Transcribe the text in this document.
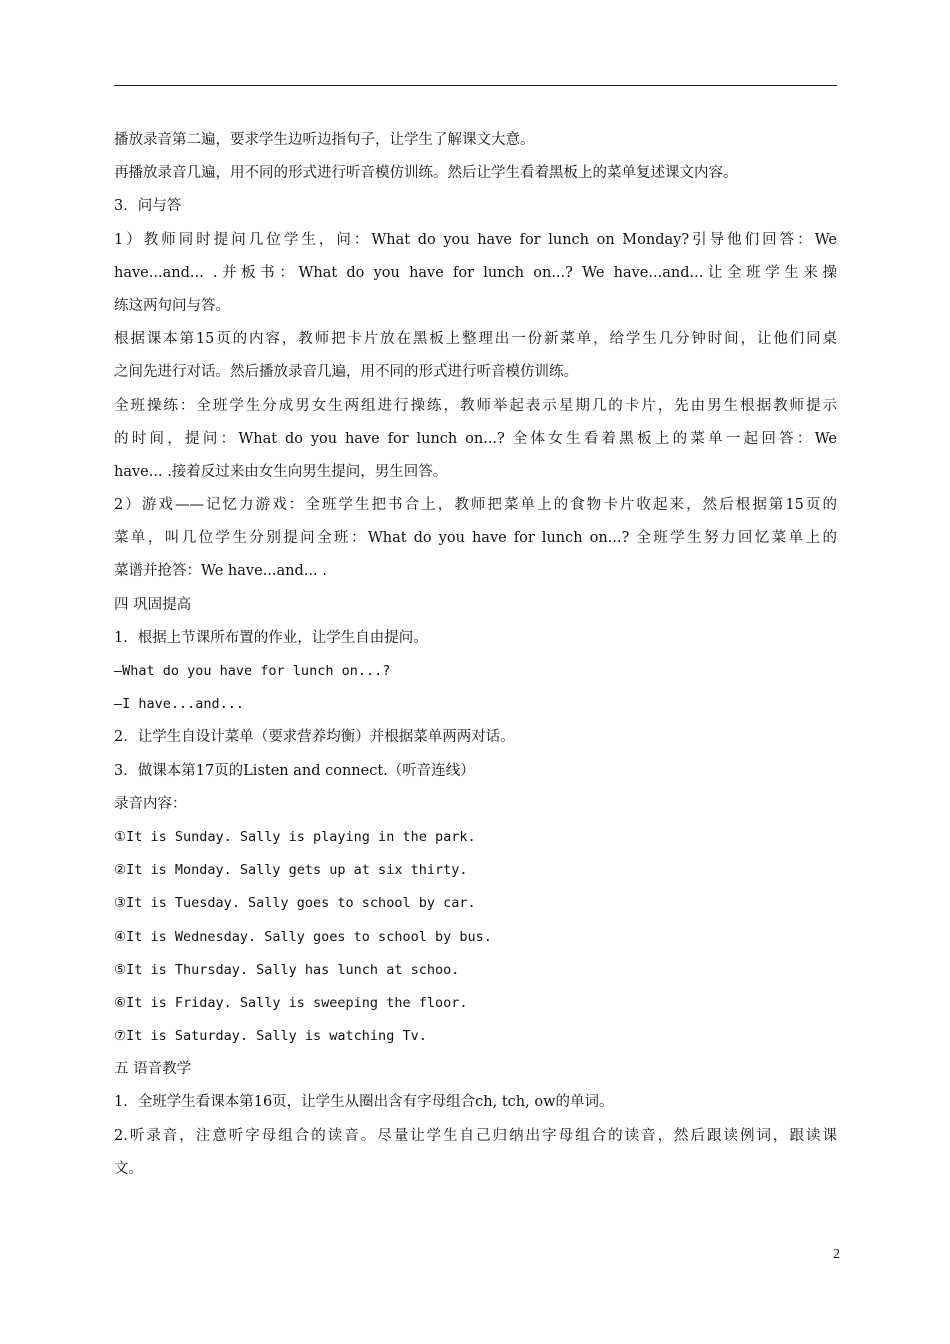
播放录音第二遍，要求学生边听边指句子，让学生了解课文大意。
再播放录音几遍，用不同的形式进行听音模仿训练。然后让学生看着黑板上的菜单复述课文内容。
3．问与答
1）教师同时提问几位学生，问：What do you have for lunch on Monday?引导他们回答：We
have...and... .并板书：What do you have for lunch on...? We have...and...让全班学生来操
练这两句问与答。
根据课本第15页的内容，教师把卡片放在黑板上整理出一份新菜单，给学生几分钟时间，让他们同桌
之间先进行对话。然后播放录音几遍，用不同的形式进行听音模仿训练。
全班操练：全班学生分成男女生两组进行操练，教师举起表示星期几的卡片，先由男生根据教师提示
的时间，提问：What do you have for lunch on...? 全体女生看着黑板上的菜单一起回答：We
have... .接着反过来由女生向男生提问，男生回答。
2）游戏——记忆力游戏：全班学生把书合上，教师把菜单上的食物卡片收起来，然后根据第15页的
菜单，叫几位学生分别提问全班：What do you have for lunch on...? 全班学生努力回忆菜单上的
菜谱并抢答：We have...and... .
四 巩固提高
1．根据上节课所布置的作业，让学生自由提问。
—What do you have for lunch on...?
—I have...and...
2．让学生自设计菜单（要求营养均衡）并根据菜单两两对话。
3．做课本第17页的Listen and connect.（听音连线）
录音内容：
①It is Sunday. Sally is playing in the park.
②It is Monday. Sally gets up at six thirty.
③It is Tuesday. Sally goes to school by car.
④It is Wednesday. Sally goes to school by bus.
⑤It is Thursday. Sally has lunch at schoo.
⑥It is Friday. Sally is sweeping the floor.
⑦It is Saturday. Sally is watching Tv.
五 语音教学
1．全班学生看课本第16页，让学生从圈出含有字母组合ch, tch, ow的单词。
2.听录音，注意听字母组合的读音。尽量让学生自己归纳出字母组合的读音，然后跟读例词，跟读课
文。
2
